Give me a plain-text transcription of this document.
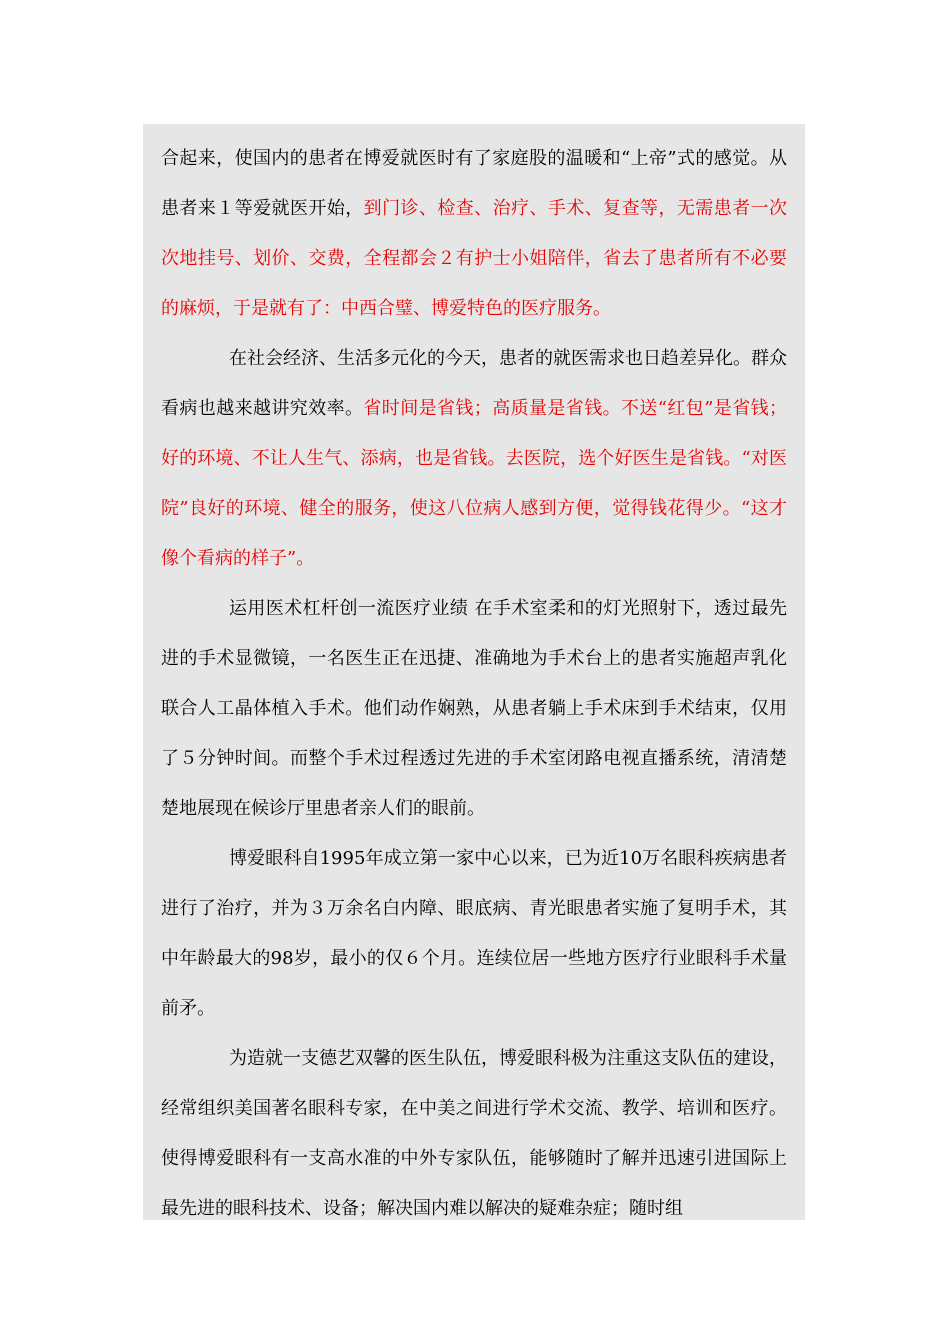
合起来，使国内的患者在博爱就医时有了家庭股的温暖和“上帝”式的感觉。从患者来１等爱就医开始，到门诊、检查、治疗、手术、复查等，无需患者一次次地挂号、划价、交费，全程都会２有护士小姐陪伴，省去了患者所有不必要的麻烦，于是就有了：中西合璧、博爱特色的医疗服务。

在社会经济、生活多元化的今天，患者的就医需求也日趋差异化。群众看病也越来越讲究效率。省时间是省钱；高质量是省钱。不送“红包”是省钱；好的环境、不让人生气、添病，也是省钱。去医院，选个好医生是省钱。“对医院”良好的环境、健全的服务，使这八位病人感到方便，觉得钱花得少。“这才像个看病的样子”。

运用医术杠杆创一流医疗业绩 在手术室柔和的灯光照射下，透过最先进的手术显微镜，一名医生正在迅捷、准确地为手术台上的患者实施超声乳化联合人工晶体植入手术。他们动作娴熟，从患者躺上手术床到手术结束，仅用了５分钟时间。而整个手术过程透过先进的手术室闭路电视直播系统，清清楚楚地展现在候诊厅里患者亲人们的眼前。

博爱眼科自1995年成立第一家中心以来，已为近10万名眼科疾病患者进行了治疗，并为３万余名白内障、眼底病、青光眼患者实施了复明手术，其中年龄最大的98岁，最小的仅６个月。连续位居一些地方医疗行业眼科手术量前矛。

为造就一支德艺双馨的医生队伍，博爱眼科极为注重这支队伍的建设，经常组织美国著名眼科专家，在中美之间进行学术交流、教学、培训和医疗。使得博爱眼科有一支高水准的中外专家队伍，能够随时了解并迅速引进国际上最先进的眼科技术、设备；解决国内难以解决的疑难杂症；随时组
